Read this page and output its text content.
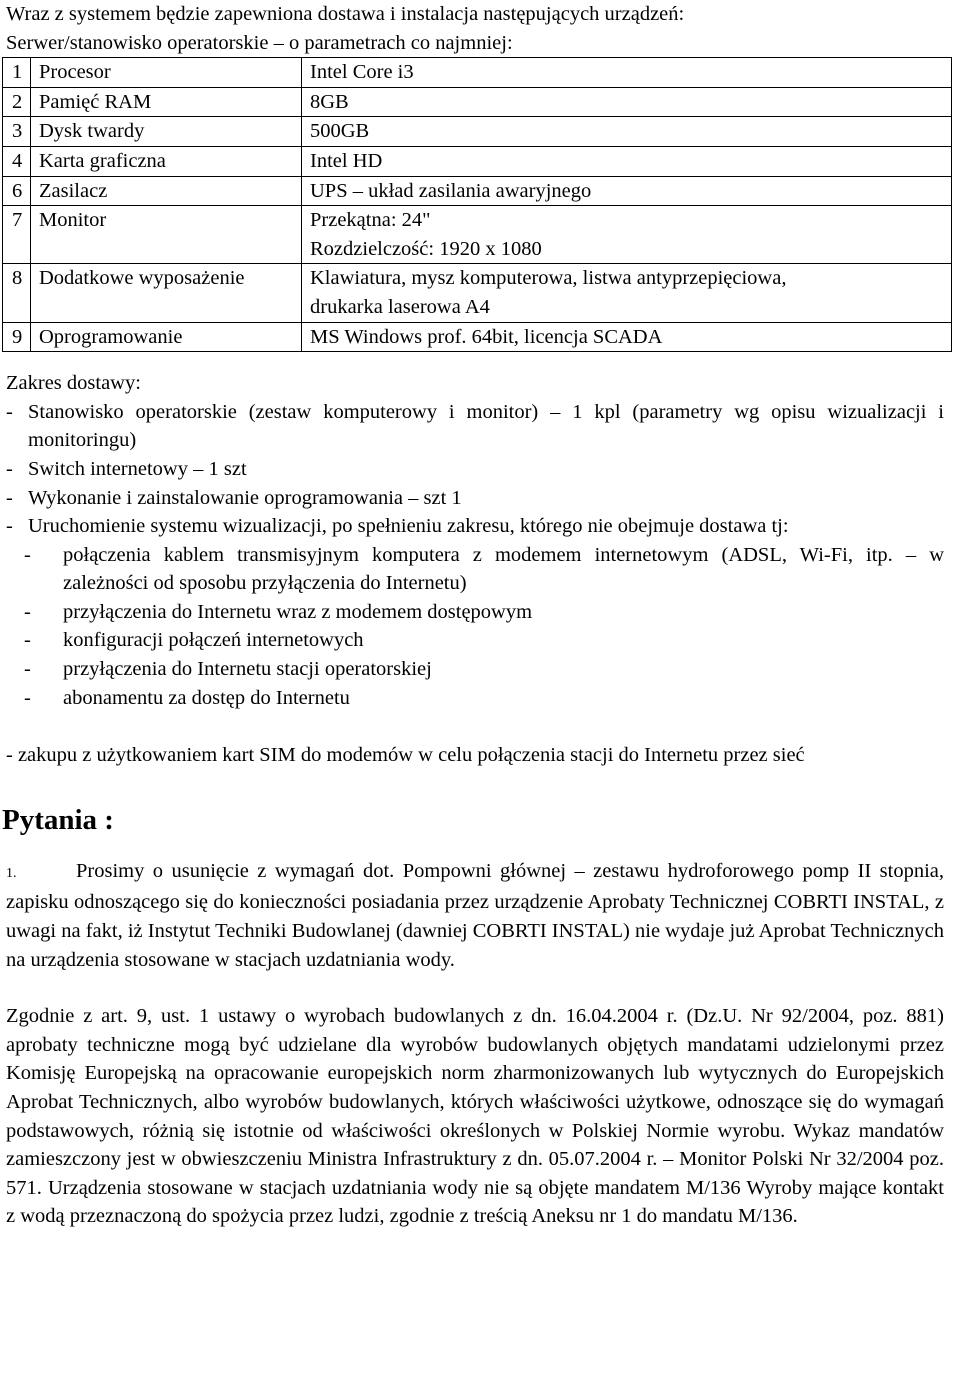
Wraz z systemem będzie zapewniona dostawa i instalacja następujących urządzeń:

Serwer/stanowisko operatorskie – o parametrach co najmniej:

1	Procesor	Intel Core i3

2	Pamięć RAM	8GB

3	Dysk twardy	500GB

4	Karta graficzna	Intel HD

6	Zasilacz	UPS – układ zasilania awaryjnego

7	Monitor	Przekątna: 24"
Rozdzielczość: 1920 x 1080

8	Dodatkowe wyposażenie	Klawiatura, mysz komputerowa, listwa antyprzepięciowa,
drukarka laserowa A4

9	Oprogramowanie	MS Windows prof. 64bit, licencja SCADA
Zakres dostawy:
- Stanowisko operatorskie (zestaw komputerowy i monitor) – 1 kpl (parametry wg opisu wizualizacji i monitoringu)
- Switch internetowy – 1 szt
- Wykonanie i zainstalowanie oprogramowania – szt 1
- Uruchomienie systemu wizualizacji, po spełnieniu zakresu, którego nie obejmuje dostawa tj:
- połączenia kablem transmisyjnym komputera z modemem internetowym (ADSL, Wi-Fi, itp. – w zależności od sposobu przyłączenia do Internetu)
- przyłączenia do Internetu wraz z modemem dostępowym
- konfiguracji połączeń internetowych
- przyłączenia do Internetu stacji operatorskiej
- abonamentu za dostęp do Internetu
- zakupu z użytkowaniem kart SIM do modemów w celu połączenia stacji do Internetu przez sieć
Pytania :
1.	Prosimy o usunięcie z wymagań dot. Pompowni głównej – zestawu hydroforowego pomp II stopnia, zapisku odnoszącego się do konieczności posiadania przez urządzenie Aprobaty Technicznej COBRTI INSTAL, z uwagi na fakt, iż Instytut Techniki Budowlanej (dawniej COBRTI INSTAL) nie wydaje już Aprobat Technicznych na urządzenia stosowane w stacjach uzdatniania wody.
Zgodnie z art. 9, ust. 1 ustawy o wyrobach budowlanych z dn. 16.04.2004 r. (Dz.U. Nr 92/2004, poz. 881) aprobaty techniczne mogą być udzielane dla wyrobów budowlanych objętych mandatami udzielonymi przez Komisję Europejską na opracowanie europejskich norm zharmonizowanych lub wytycznych do Europejskich Aprobat Technicznych, albo wyrobów budowlanych, których właściwości użytkowe, odnoszące się do wymagań podstawowych, różnią się istotnie od właściwości określonych w Polskiej Normie wyrobu. Wykaz mandatów zamieszczony jest w obwieszczeniu Ministra Infrastruktury z dn. 05.07.2004 r. – Monitor Polski Nr 32/2004 poz. 571. Urządzenia stosowane w stacjach uzdatniania wody nie są objęte mandatem M/136 Wyroby mające kontakt z wodą przeznaczoną do spożycia przez ludzi, zgodnie z treścią Aneksu nr 1 do mandatu M/136.
